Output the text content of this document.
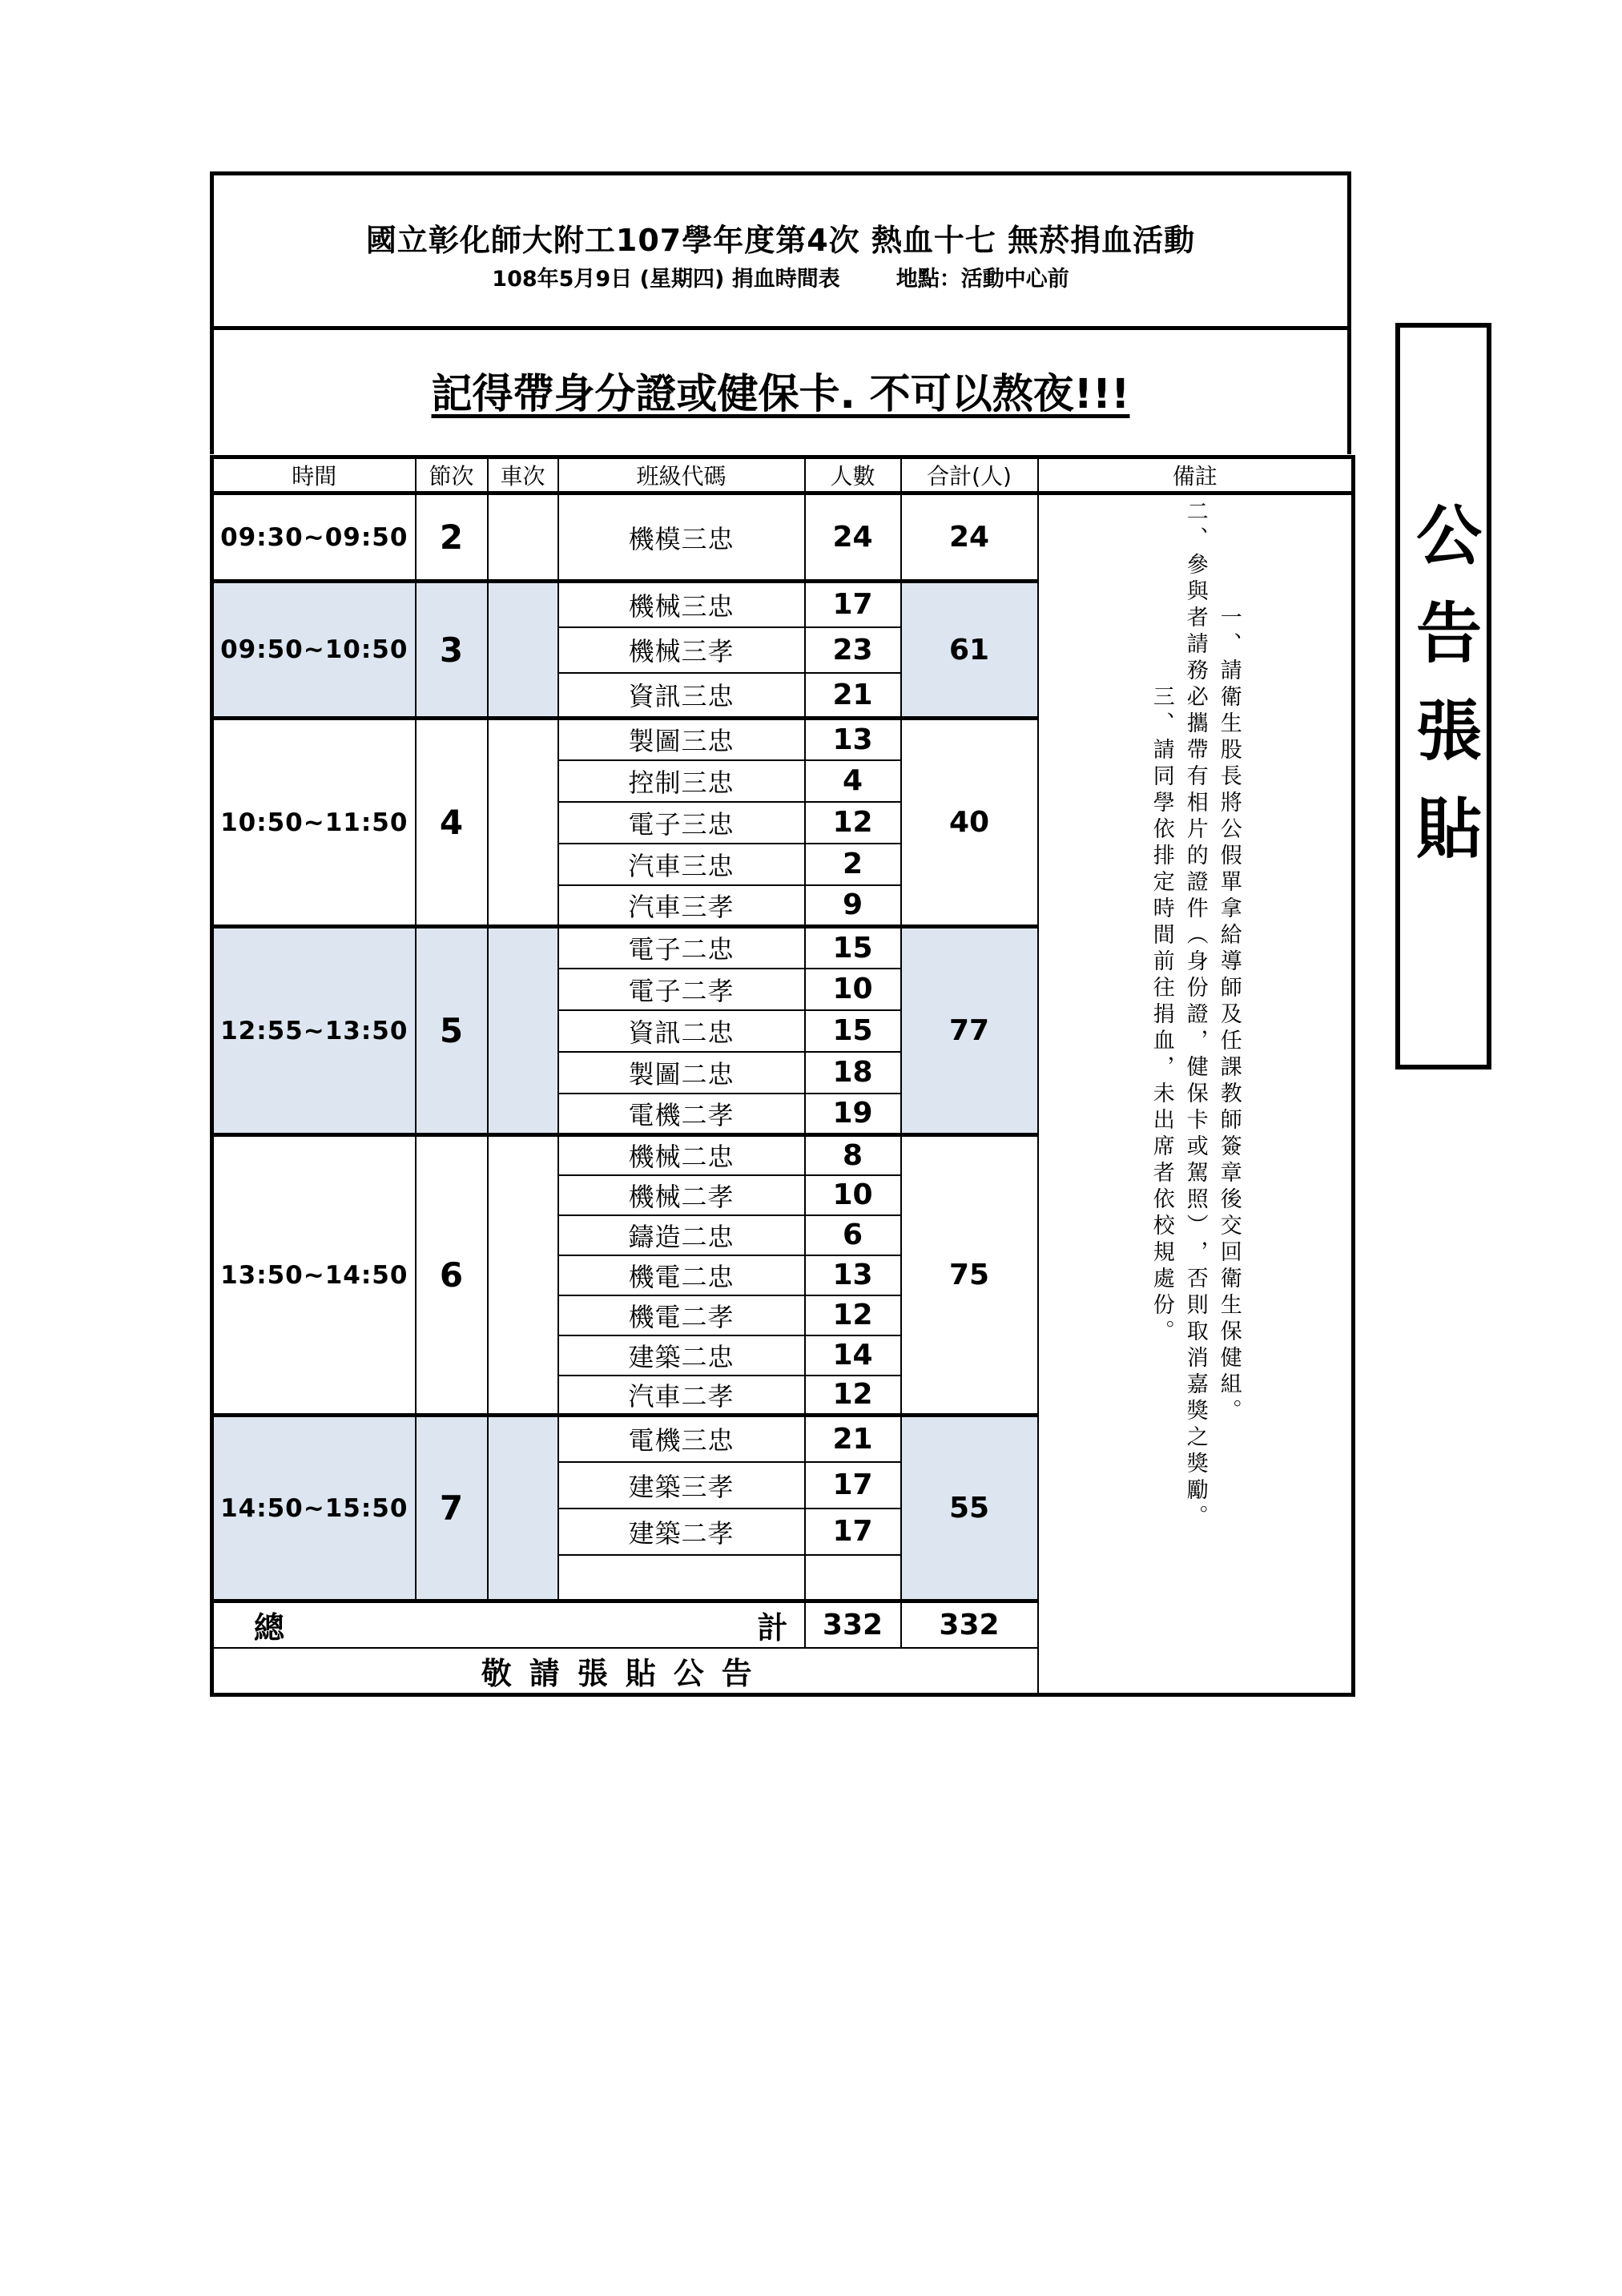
國立彰化師大附工107學年度第4次 熱血十七 無菸捐血活動
108年5月9日 (星期四) 捐血時間表	地點：活動中心前
記得帶身分證或健保卡. 不可以熬夜!!!
時間	節次	車次	班級代碼	人數	合計(人)	備註
09:30~09:50	2		機模三忠	24	24	一、請衛生股長將公假單拿給導師及任課教師簽章後交回衛生保健組。
二、參與者請務必攜帶有相片的證件︵身份證，健保卡或駕照︶，否則取消嘉獎之獎勵。
三、請同學依排定時間前往捐血，未出席者依校規處份。

09:50~10:50	3		機械三忠	17	61	
			機械三孝	23		
			資訊三忠	21		
10:50~11:50	4		製圖三忠	13	40	
			控制三忠	4		
			電子三忠	12		
			汽車三忠	2		
			汽車三孝	9		
12:55~13:50	5		電子二忠	15	77	
			電子二孝	10		
			資訊二忠	15		
			製圖二忠	18		
			電機二孝	19		
13:50~14:50	6		機械二忠	8	75	
			機械二孝	10		
			鑄造二忠	6		
			機電二忠	13		
			機電二孝	12		
			建築二忠	14		
			汽車二孝	12		
14:50~15:50	7		電機三忠	21	55	
			建築三孝	17		
			建築二孝	17		

總 計				332	332	
敬請張貼公告						
公告張貼
